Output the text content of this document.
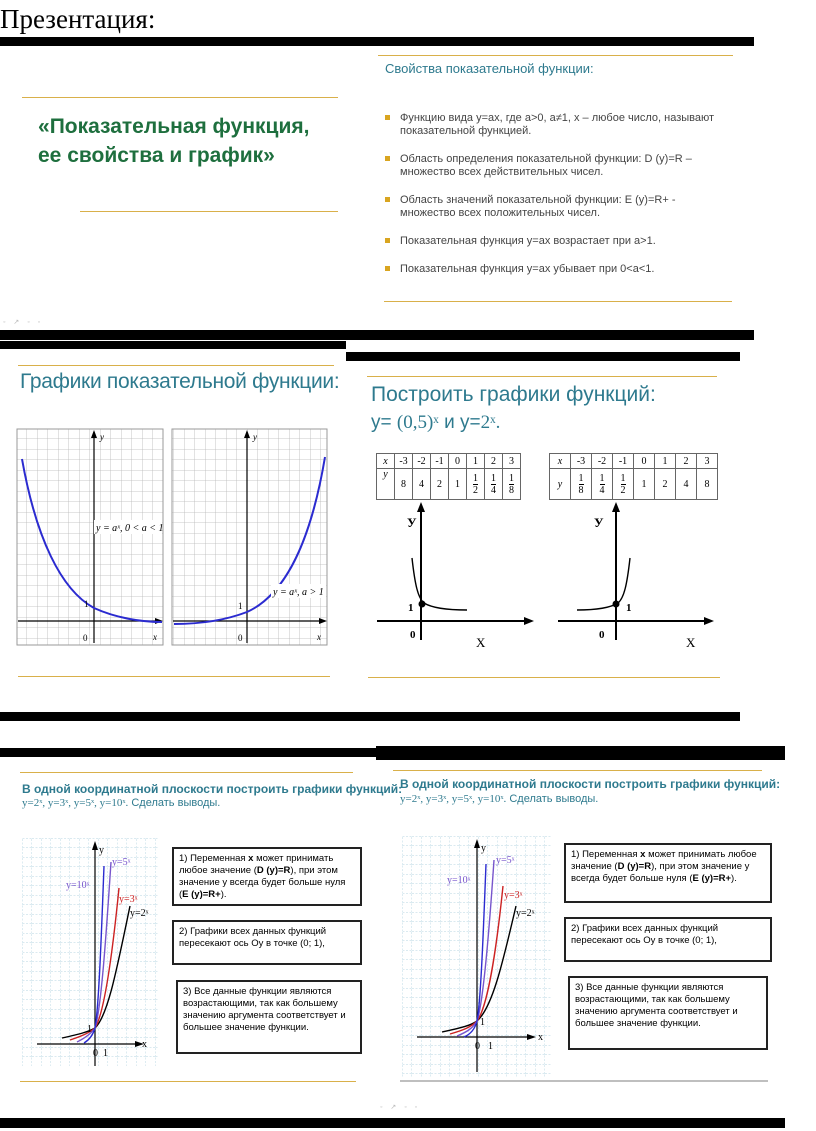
Презентация:
Свойства показательной функции:
«Показательная функция, ее свойства и график»
Функцию вида y=ax, где a>0, a≠1, x – любое число, называют показательной функцией.
Область определения показательной функции: D (y)=R – множество всех действительных чисел.
Область значений показательной функции: E (y)=R+ - множество всех положительных чисел.
Показательная функция y=ax возрастает при a>1.
Показательная функция y=ax убывает при 0<a<1.
◦ ↗ ◦ ◦
Графики показательной функции:
y
x
0
1
y = aˣ, 0 < a < 1
y
x
0
1
y = aˣ, a > 1
Построить графики функций:
y= (0,5)ˣ и y=2ˣ.
x	-3	-2	-1	0	1	2	3
y	8	4	2	1	$\frac{1}{2}$	$\frac{1}{4}$	$\frac{1}{8}$
x	-3	-2	-1	0	1	2	3
y	$\frac{1}{8}$	$\frac{1}{4}$	$\frac{1}{2}$	1	2	4	8
У
Х
0
1
У
Х
0
1
В одной координатной плоскости построить графики функций:
y=2ˣ, y=3ˣ, y=5ˣ, y=10ˣ. Сделать выводы.
y
x
0 1
1
y=5ˣ
y=10ˣ
y=3ˣ
y=2ˣ
1) Переменная x может принимать любое значение (D (y)=R), при этом значение у всегда будет больше нуля (E (y)=R+).
2) Графики всех данных функций пересекают ось Оу в точке (0; 1),
3) Все данные функции являются возрастающими, так как большему значению аргумента соответствует и большее значение функции.
В одной координатной плоскости построить графики функций:
y=2ˣ, y=3ˣ, y=5ˣ, y=10ˣ. Сделать выводы.
y
x
0 1
1
y=5ˣ
y=10ˣ
y=3ˣ
y=2ˣ
1) Переменная x может принимать любое значение (D (y)=R), при этом значение у всегда будет больше нуля (E (y)=R+).
2) Графики всех данных функций пересекают ось Оу в точке (0; 1),
3) Все данные функции являются возрастающими, так как большему значению аргумента соответствует и большее значение функции.
◦ ↗ ◦ ◦
